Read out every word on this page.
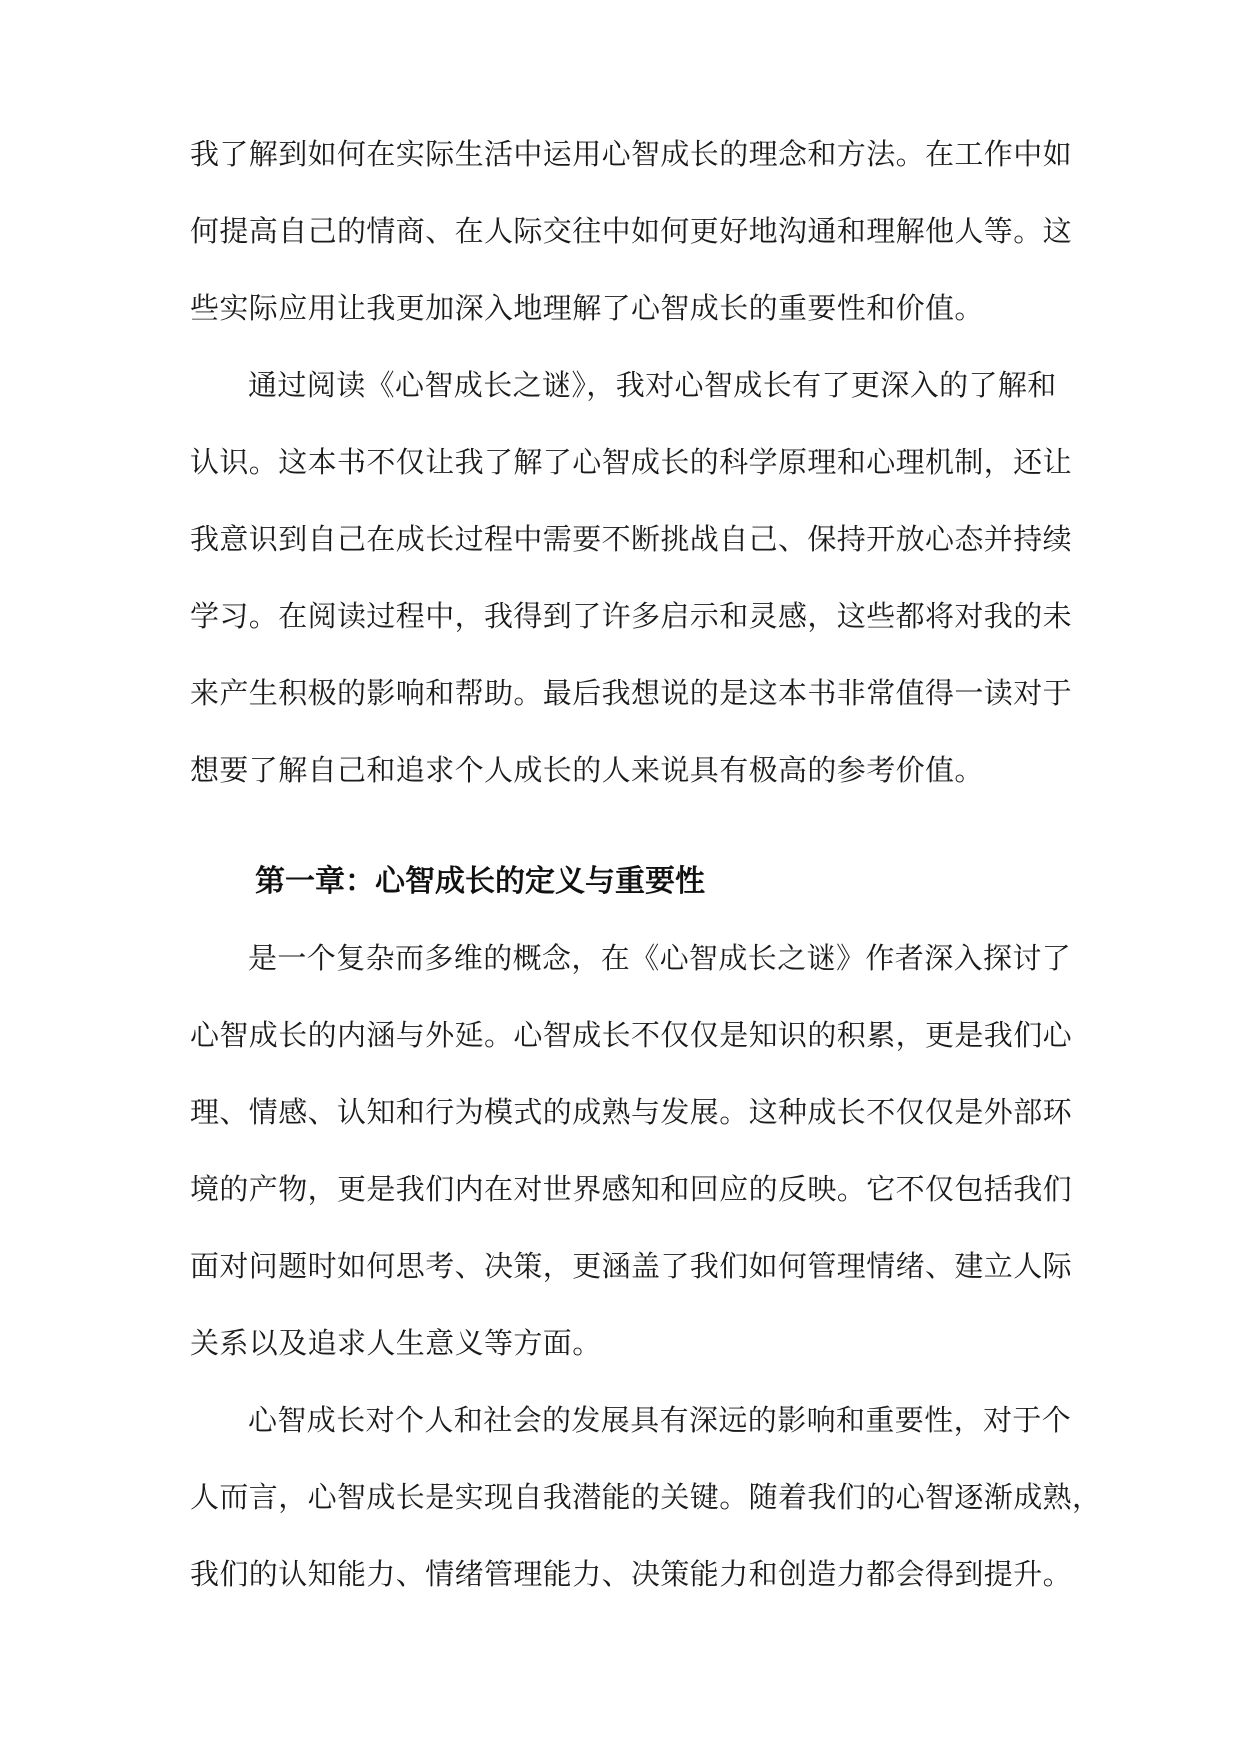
我了解到如何在实际生活中运用心智成长的理念和方法。在工作中如
何提高自己的情商、在人际交往中如何更好地沟通和理解他人等。这
些实际应用让我更加深入地理解了心智成长的重要性和价值。
通过阅读《心智成长之谜》，我对心智成长有了更深入的了解和
认识。这本书不仅让我了解了心智成长的科学原理和心理机制，还让
我意识到自己在成长过程中需要不断挑战自己、保持开放心态并持续
学习。在阅读过程中，我得到了许多启示和灵感，这些都将对我的未
来产生积极的影响和帮助。最后我想说的是这本书非常值得一读对于
想要了解自己和追求个人成长的人来说具有极高的参考价值。
第一章：心智成长的定义与重要性
是一个复杂而多维的概念，在《心智成长之谜》作者深入探讨了
心智成长的内涵与外延。心智成长不仅仅是知识的积累，更是我们心
理、情感、认知和行为模式的成熟与发展。这种成长不仅仅是外部环
境的产物，更是我们内在对世界感知和回应的反映。它不仅包括我们
面对问题时如何思考、决策，更涵盖了我们如何管理情绪、建立人际
关系以及追求人生意义等方面。
心智成长对个人和社会的发展具有深远的影响和重要性，对于个
人而言，心智成长是实现自我潜能的关键。随着我们的心智逐渐成熟，
我们的认知能力、情绪管理能力、决策能力和创造力都会得到提升。
